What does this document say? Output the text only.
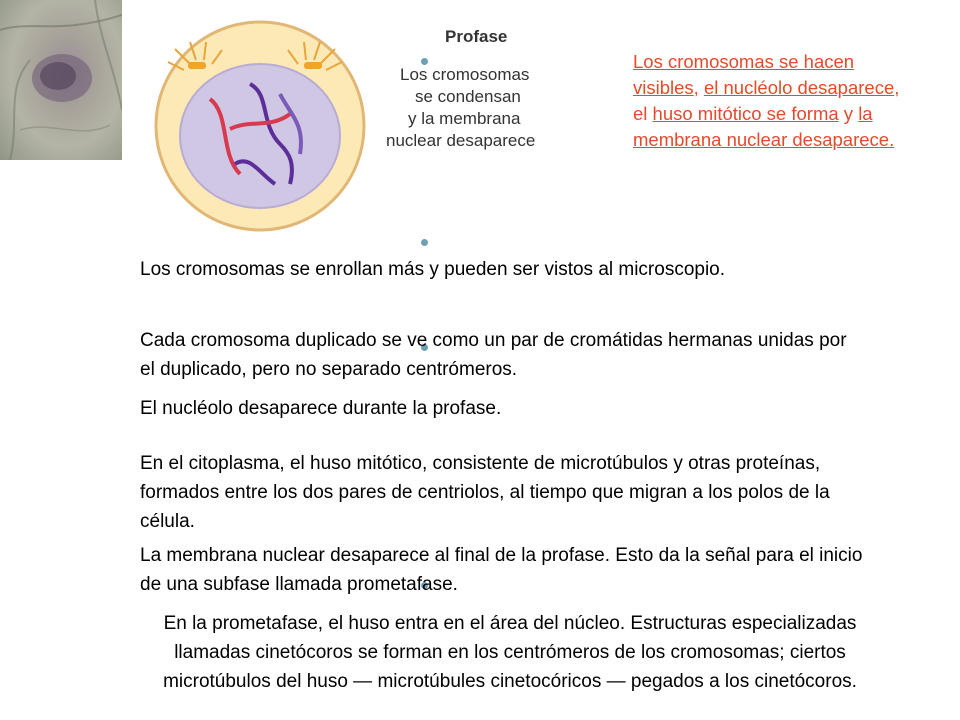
Profase
Los cromosomas
se condensan
y la membrana
nuclear desaparece
Los cromosomas se hacen visibles, el nucléolo desaparece, el huso mitótico se forma y la membrana nuclear desaparece.
Los cromosomas se enrollan más y pueden ser vistos al microscopio.
Cada cromosoma duplicado se ve como un par de cromátidas hermanas unidas por el duplicado, pero no separado centrómeros.
El nucléolo desaparece durante la profase.
En el citoplasma, el huso mitótico, consistente de microtúbulos y otras proteínas, formados entre los dos pares de centriolos, al tiempo que migran a los polos de la célula.
La membrana nuclear desaparece al final de la profase. Esto da la señal para el inicio de una subfase llamada prometafase.
En la prometafase, el huso entra en el área del núcleo. Estructuras especializadas llamadas cinetócoros se forman en los centrómeros de los cromosomas; ciertos microtúbulos del huso — microtúbules cinetocóricos — pegados a los cinetócoros.
